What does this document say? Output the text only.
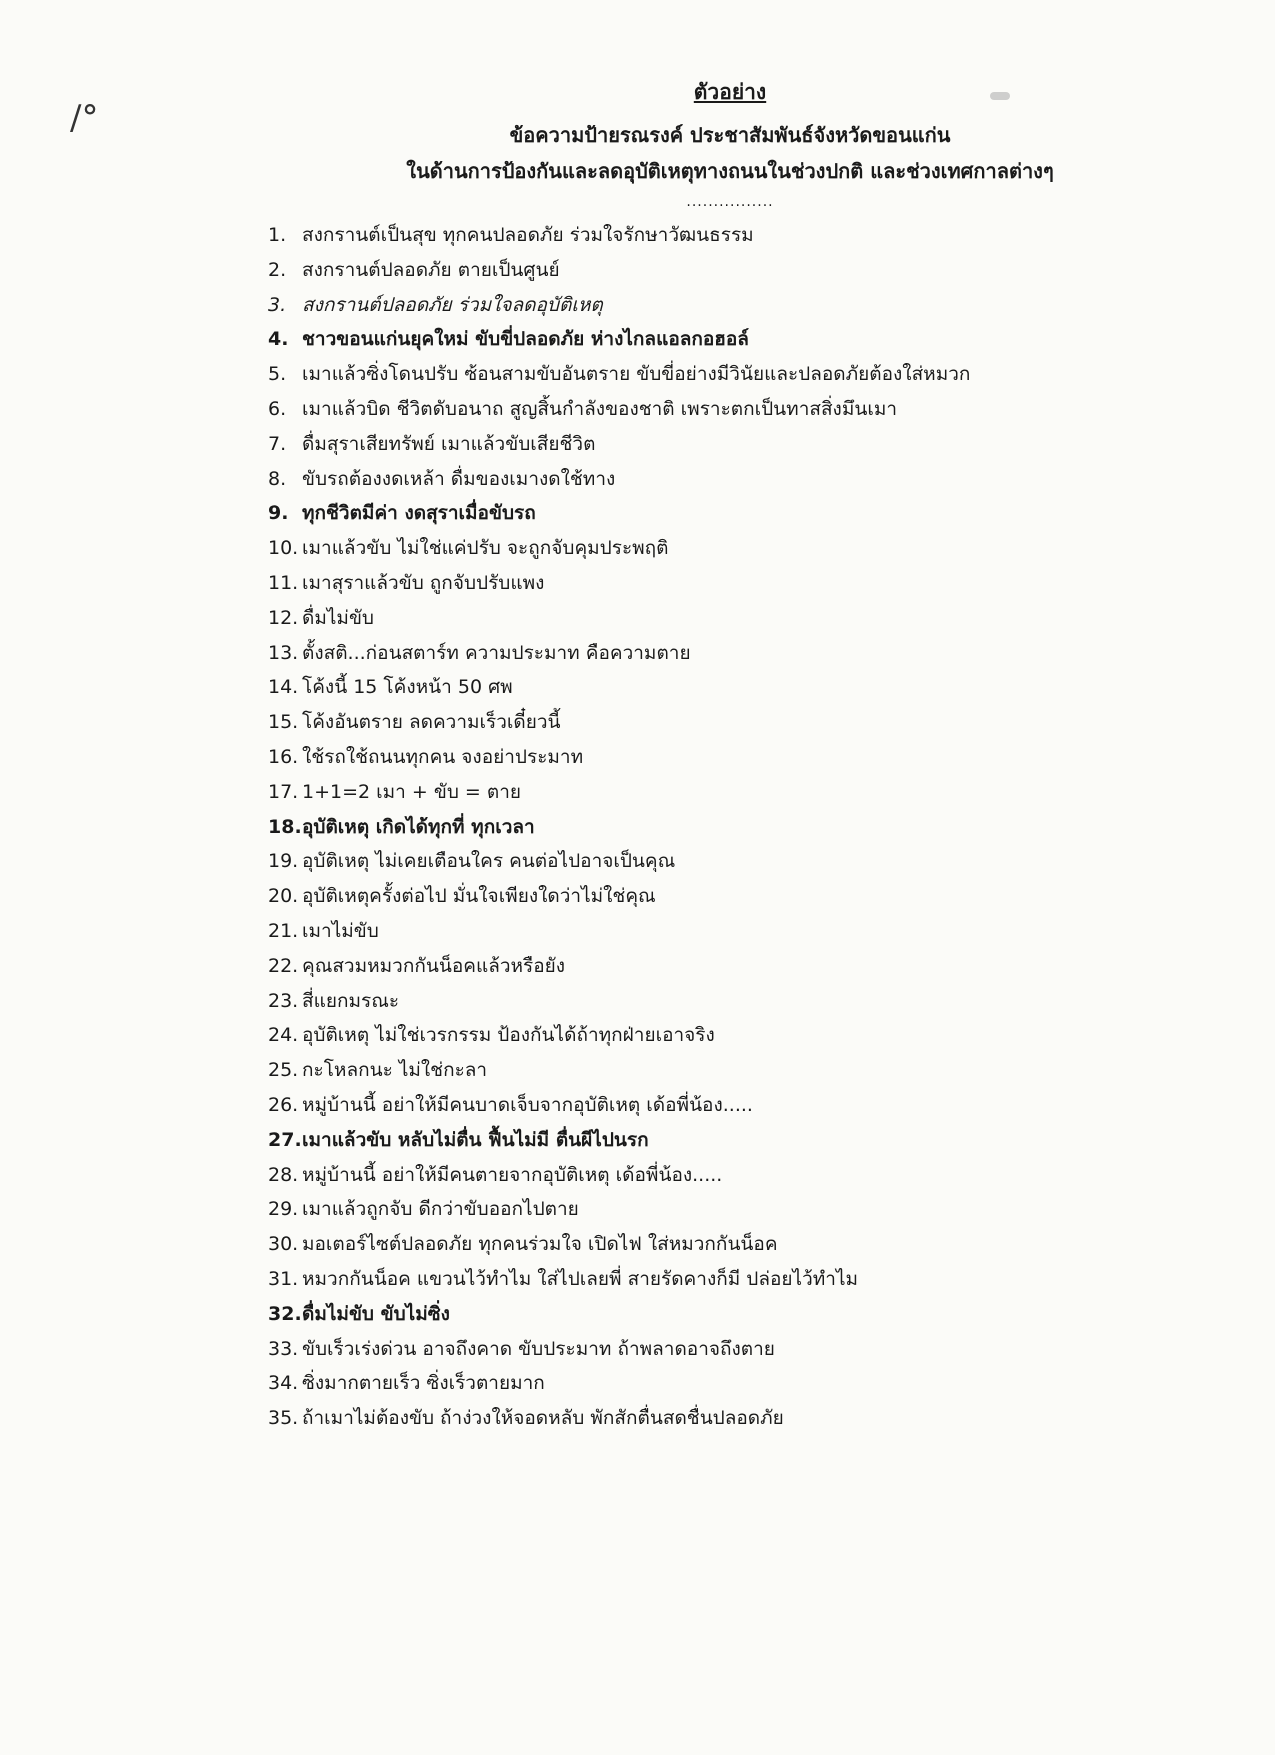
/°
ตัวอย่าง
ข้อความป้ายรณรงค์ ประชาสัมพันธ์จังหวัดขอนแก่น
ในด้านการป้องกันและลดอุบัติเหตุทางถนนในช่วงปกติ และช่วงเทศกาลต่างๆ
................
1. สงกรานต์เป็นสุข ทุกคนปลอดภัย ร่วมใจรักษาวัฒนธรรม
2. สงกรานต์ปลอดภัย ตายเป็นศูนย์
3. สงกรานต์ปลอดภัย ร่วมใจลดอุบัติเหตุ
4. ชาวขอนแก่นยุคใหม่ ขับขี่ปลอดภัย ห่างไกลแอลกอฮอล์
5. เมาแล้วซิ่งโดนปรับ ซ้อนสามขับอันตราย ขับขี่อย่างมีวินัยและปลอดภัยต้องใส่หมวก
6. เมาแล้วบิด ชีวิตดับอนาถ สูญสิ้นกำลังของชาติ เพราะตกเป็นทาสสิ่งมึนเมา
7. ดื่มสุราเสียทรัพย์ เมาแล้วขับเสียชีวิต
8. ขับรถต้องงดเหล้า ดื่มของเมางดใช้ทาง
9. ทุกชีวิตมีค่า งดสุราเมื่อขับรถ
10. เมาแล้วขับ ไม่ใช่แค่ปรับ จะถูกจับคุมประพฤติ
11. เมาสุราแล้วขับ ถูกจับปรับแพง
12. ดื่มไม่ขับ
13. ตั้งสติ...ก่อนสตาร์ท ความประมาท คือความตาย
14. โค้งนี้ 15 โค้งหน้า 50 ศพ
15. โค้งอันตราย ลดความเร็วเดี๋ยวนี้
16. ใช้รถใช้ถนนทุกคน จงอย่าประมาท
17. 1+1=2 เมา + ขับ = ตาย
18.อุบัติเหตุ เกิดได้ทุกที่ ทุกเวลา
19. อุบัติเหตุ ไม่เคยเตือนใคร คนต่อไปอาจเป็นคุณ
20. อุบัติเหตุครั้งต่อไป มั่นใจเพียงใดว่าไม่ใช่คุณ
21. เมาไม่ขับ
22. คุณสวมหมวกกันน็อคแล้วหรือยัง
23. สี่แยกมรณะ
24. อุบัติเหตุ ไม่ใช่เวรกรรม ป้องกันได้ถ้าทุกฝ่ายเอาจริง
25. กะโหลกนะ ไม่ใช่กะลา
26. หมู่บ้านนี้ อย่าให้มีคนบาดเจ็บจากอุบัติเหตุ เด้อพี่น้อง.....
27.เมาแล้วขับ หลับไม่ตื่น ฟื้นไม่มี ตื่นผีไปนรก
28. หมู่บ้านนี้ อย่าให้มีคนตายจากอุบัติเหตุ เด้อพี่น้อง.....
29. เมาแล้วถูกจับ ดีกว่าขับออกไปตาย
30. มอเตอร์ไซต์ปลอดภัย ทุกคนร่วมใจ เปิดไฟ ใส่หมวกกันน็อค
31. หมวกกันน็อค แขวนไว้ทำไม ใส่ไปเลยพี่ สายรัดคางก็มี ปล่อยไว้ทำไม
32.ดื่มไม่ขับ ขับไม่ซิ่ง
33. ขับเร็วเร่งด่วน อาจถึงคาด ขับประมาท ถ้าพลาดอาจถึงตาย
34. ซิ่งมากตายเร็ว ซิ่งเร็วตายมาก
35. ถ้าเมาไม่ต้องขับ ถ้าง่วงให้จอดหลับ พักสักตื่นสดชื่นปลอดภัย
